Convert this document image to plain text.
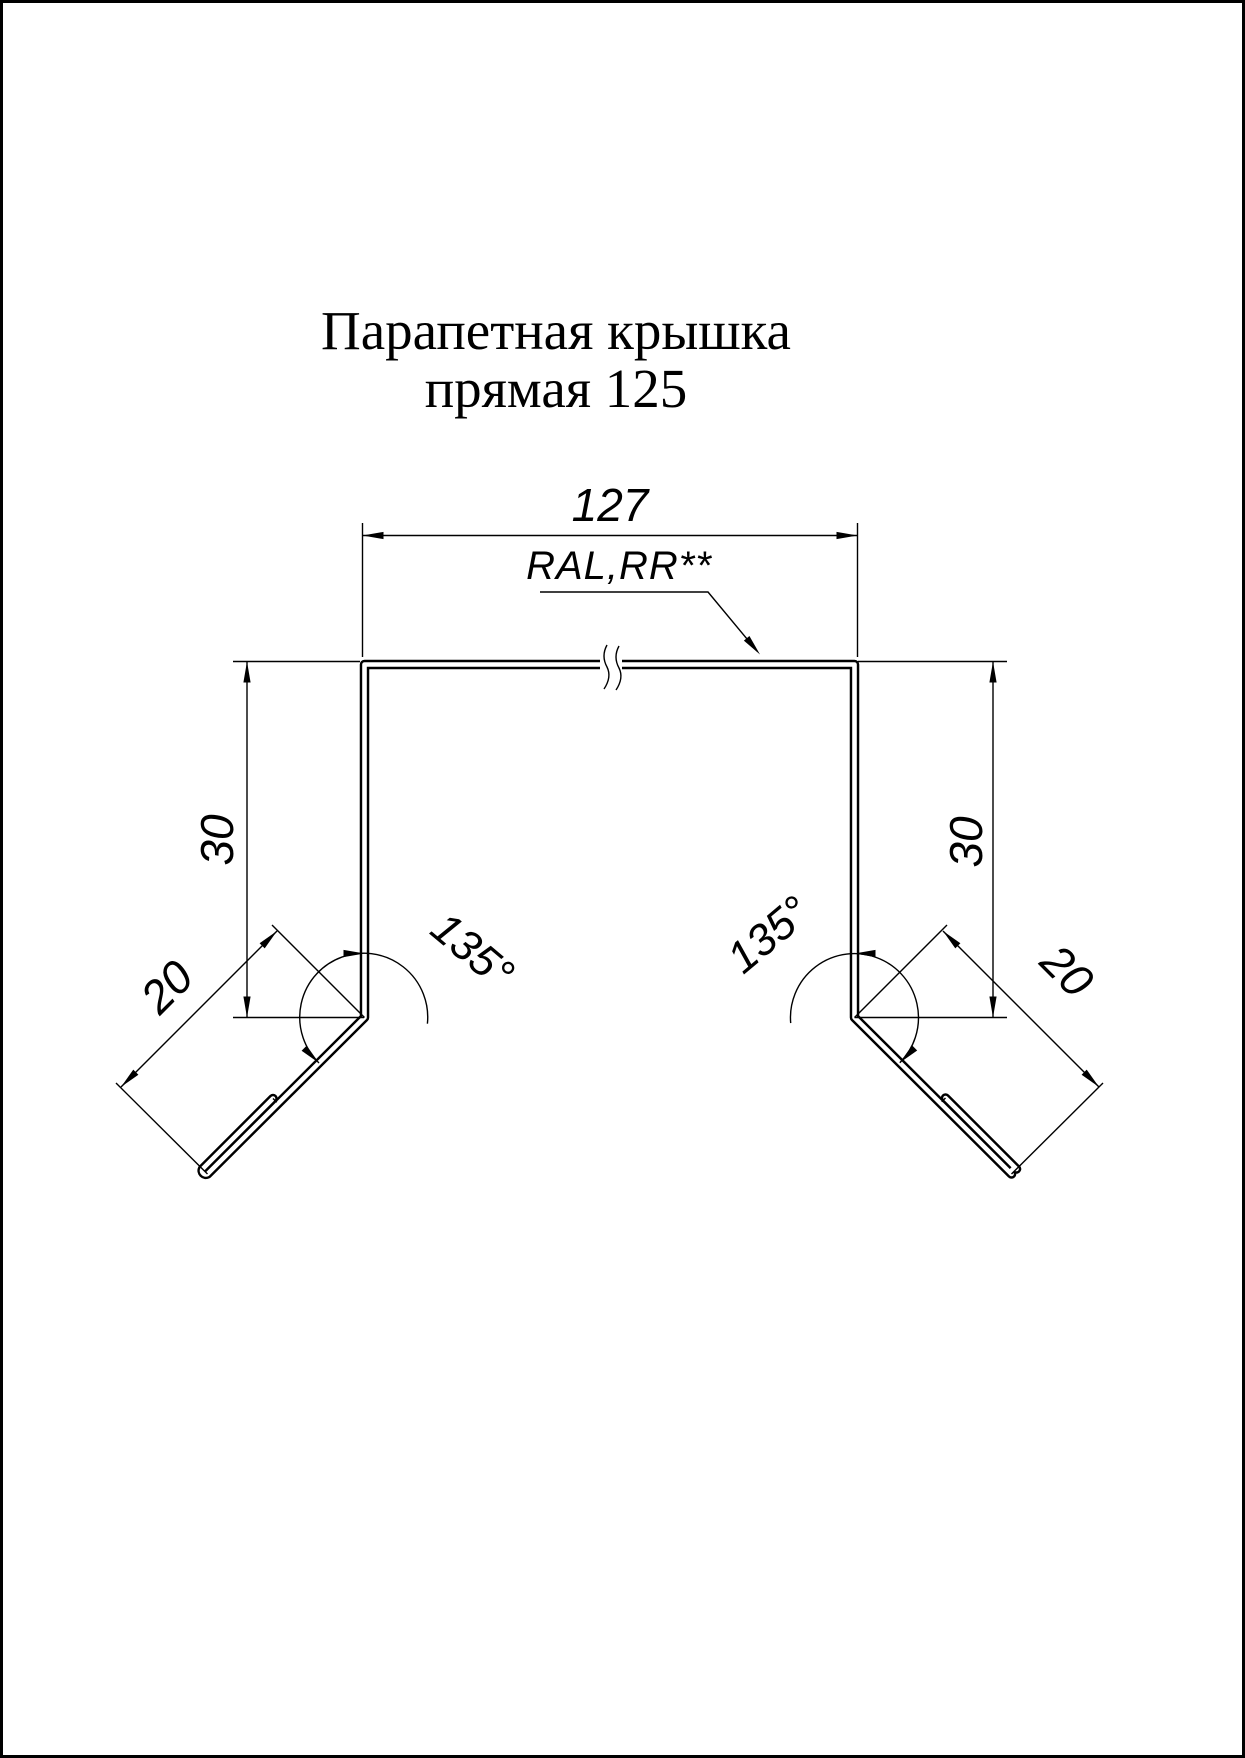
Парапетная крышка
прямая 125
127
RAL,RR**
30	30
20	20
135°	135°
